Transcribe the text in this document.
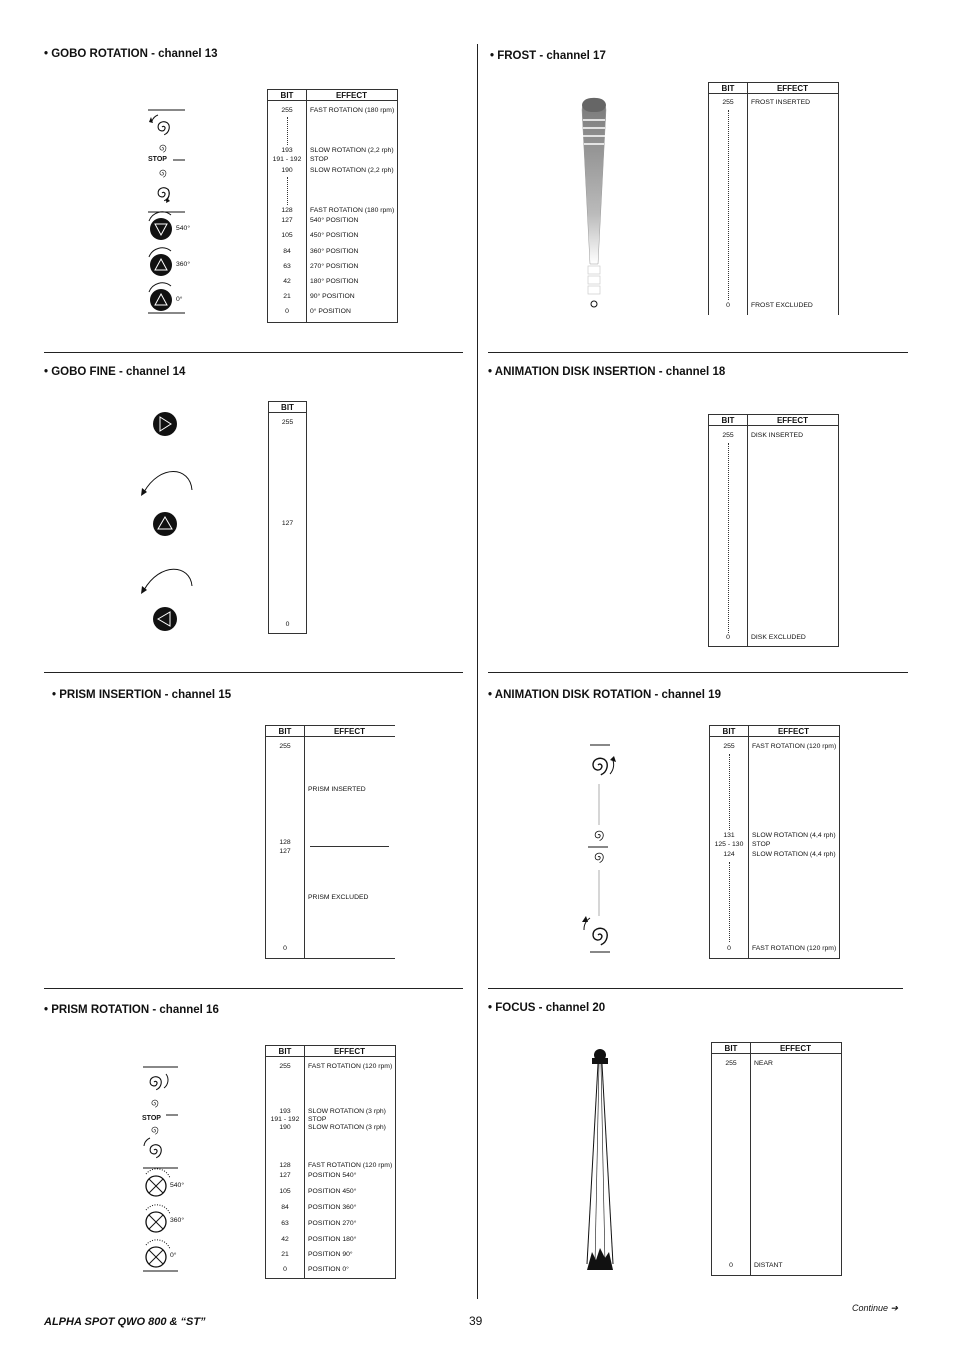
• GOBO ROTATION - channel 13
STOP
540°
360°
0°
BIT	EFFECT
255	FAST ROTATION (180 rpm)
193	SLOW ROTATION (2,2 rph)
191 - 192	STOP
190	SLOW ROTATION (2,2 rph)
128	FAST ROTATION (180 rpm)
127	540° POSITION
105	450° POSITION
84	360° POSITION
63	270° POSITION
42	180° POSITION
21	90° POSITION
0	0° POSITION
• GOBO FINE - channel 14
BIT
255
127
0
• PRISM INSERTION - channel 15
BIT	EFFECT
255
PRISM INSERTED
128
127
PRISM EXCLUDED
0
• PRISM ROTATION - channel 16
STOP
540°
360°
0°
BIT	EFFECT
255	FAST ROTATION (120 rpm)
193	SLOW ROTATION (3 rph)
191 - 192	STOP
190	SLOW ROTATION (3 rph)
128	FAST ROTATION (120 rpm)
127	POSITION 540°
105	POSITION 450°
84	POSITION 360°
63	POSITION 270°
42	POSITION 180°
21	POSITION 90°
0	POSITION 0°
• FROST - channel 17
BIT	EFFECT
255	FROST INSERTED
0	FROST EXCLUDED
• ANIMATION DISK INSERTION - channel 18
BIT	EFFECT
255	DISK INSERTED
0	DISK EXCLUDED
• ANIMATION DISK ROTATION - channel 19
BIT	EFFECT
255	FAST ROTATION (120 rpm)
131	SLOW ROTATION (4,4 rph)
125 - 130	STOP
124	SLOW ROTATION (4,4 rph)
0	FAST ROTATION (120 rpm)
• FOCUS - channel 20
BIT	EFFECT
255	NEAR
0	DISTANT
ALPHA SPOT QWO 800 & “ST”	39
Continue ➔
